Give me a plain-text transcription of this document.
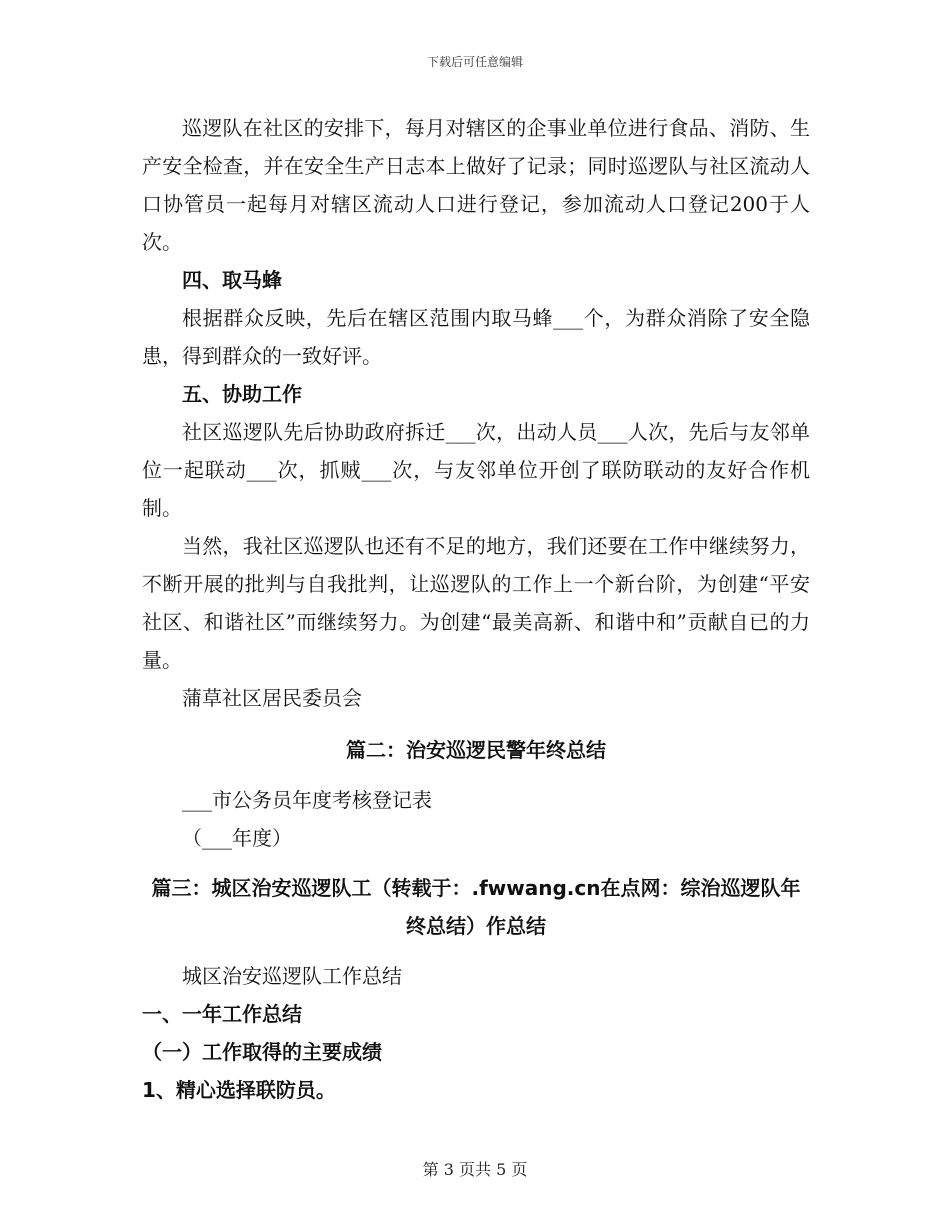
下载后可任意编辑

巡逻队在社区的安排下，每月对辖区的企事业单位进行食品、消防、生产安全检查，并在安全生产日志本上做好了记录；同时巡逻队与社区流动人口协管员一起每月对辖区流动人口进行登记，参加流动人口登记200于人次。

四、取马蜂

根据群众反映，先后在辖区范围内取马蜂___个，为群众消除了安全隐患，得到群众的一致好评。

五、协助工作

社区巡逻队先后协助政府拆迁___次，出动人员___人次，先后与友邻单位一起联动___次，抓贼___次，与友邻单位开创了联防联动的友好合作机制。

当然，我社区巡逻队也还有不足的地方，我们还要在工作中继续努力，不断开展的批判与自我批判，让巡逻队的工作上一个新台阶，为创建“平安社区、和谐社区”而继续努力。为创建“最美高新、和谐中和”贡献自已的力量。

蒲草社区居民委员会

篇二：治安巡逻民警年终总结

___市公务员年度考核登记表

（___年度）

篇三：城区治安巡逻队工（转载于：.fwwang.cn在点网：综治巡逻队年终总结）作总结

城区治安巡逻队工作总结

一、一年工作总结

（一）工作取得的主要成绩

1、精心选择联防员。

第 3 页共 5 页
